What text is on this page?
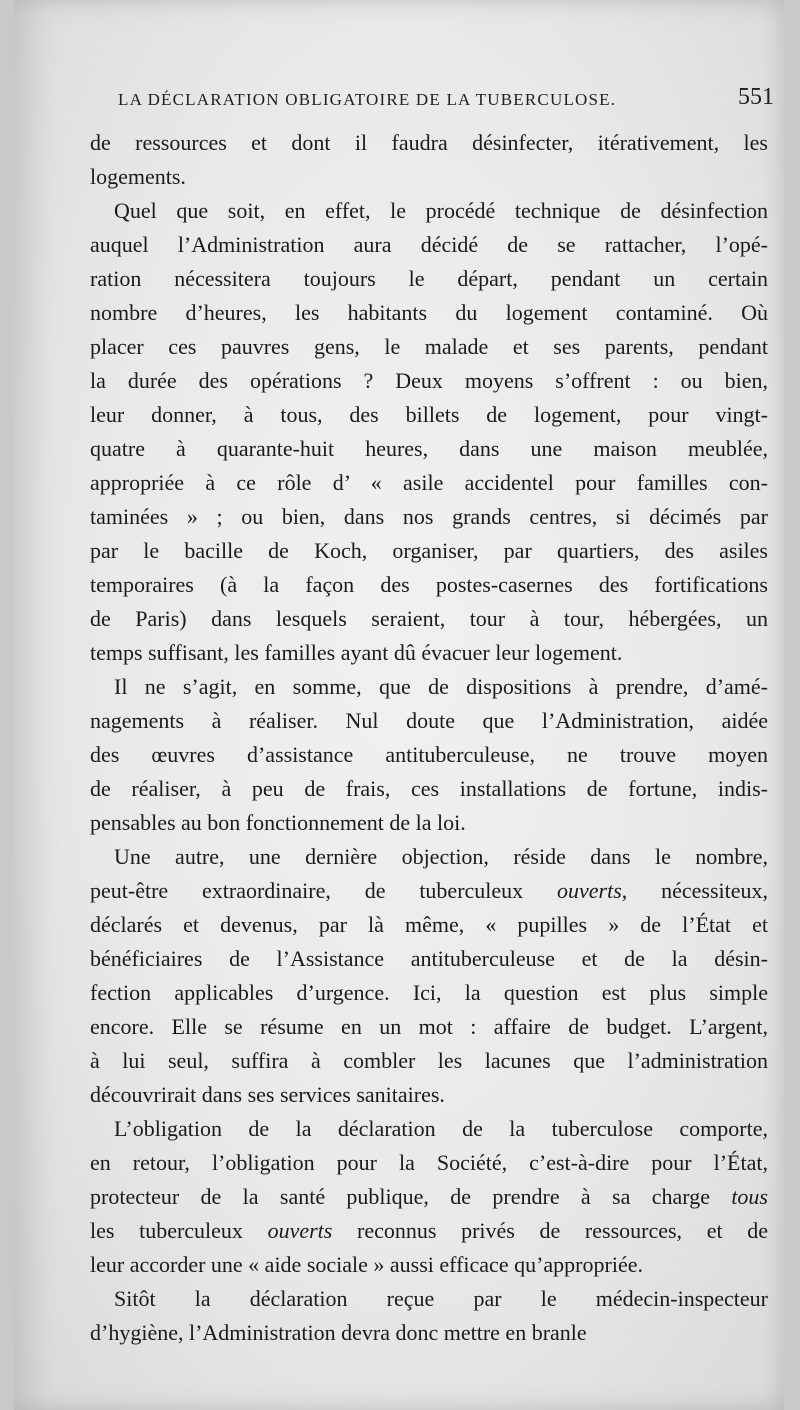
LA DÉCLARATION OBLIGATOIRE DE LA TUBERCULOSE.	551
de ressources et dont il faudra désinfecter, itérativement, les
logements.
Quel que soit, en effet, le procédé technique de désinfection
auquel l’Administration aura décidé de se rattacher, l’opé-
ration nécessitera toujours le départ, pendant un certain
nombre d’heures, les habitants du logement contaminé. Où
placer ces pauvres gens, le malade et ses parents, pendant
la durée des opérations ? Deux moyens s’offrent : ou bien,
leur donner, à tous, des billets de logement, pour vingt-
quatre à quarante-huit heures, dans une maison meublée,
appropriée à ce rôle d’ « asile accidentel pour familles con-
taminées » ; ou bien, dans nos grands centres, si décimés par
par le bacille de Koch, organiser, par quartiers, des asiles
temporaires (à la façon des postes-casernes des fortifications
de Paris) dans lesquels seraient, tour à tour, hébergées, un
temps suffisant, les familles ayant dû évacuer leur logement.
Il ne s’agit, en somme, que de dispositions à prendre, d’amé-
nagements à réaliser. Nul doute que l’Administration, aidée
des œuvres d’assistance antituberculeuse, ne trouve moyen
de réaliser, à peu de frais, ces installations de fortune, indis-
pensables au bon fonctionnement de la loi.
Une autre, une dernière objection, réside dans le nombre,
peut-être extraordinaire, de tuberculeux ouverts, nécessiteux,
déclarés et devenus, par là même, « pupilles » de l’État et
bénéficiaires de l’Assistance antituberculeuse et de la désin-
fection applicables d’urgence. Ici, la question est plus simple
encore. Elle se résume en un mot : affaire de budget. L’argent,
à lui seul, suffira à combler les lacunes que l’administration
découvrirait dans ses services sanitaires.
L’obligation de la déclaration de la tuberculose comporte,
en retour, l’obligation pour la Société, c’est-à-dire pour l’État,
protecteur de la santé publique, de prendre à sa charge tous
les tuberculeux ouverts reconnus privés de ressources, et de
leur accorder une « aide sociale » aussi efficace qu’appropriée.
Sitôt la déclaration reçue par le médecin-inspecteur
d’hygiène, l’Administration devra donc mettre en branle
